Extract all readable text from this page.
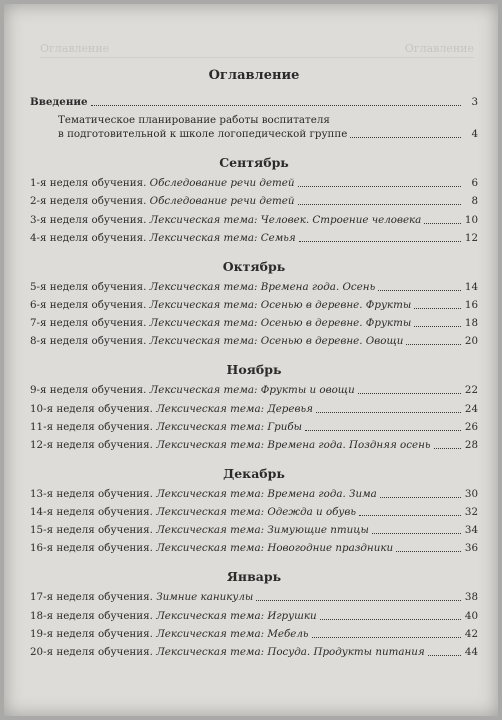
Оглавление	Оглавление
Оглавление
Введение	3
Тематическое планирование работы воспитателя
в подготовительной к школе логопедической группе	4
Сентябрь
1-я неделя обучения. Обследование речи детей	6
2-я неделя обучения. Обследование речи детей	8
3-я неделя обучения. Лексическая тема: Человек. Строение человека	10
4-я неделя обучения. Лексическая тема: Семья	12
Октябрь
5-я неделя обучения. Лексическая тема: Времена года. Осень	14
6-я неделя обучения. Лексическая тема: Осенью в деревне. Фрукты	16
7-я неделя обучения. Лексическая тема: Осенью в деревне. Фрукты	18
8-я неделя обучения. Лексическая тема: Осенью в деревне. Овощи	20
Ноябрь
9-я неделя обучения. Лексическая тема: Фрукты и овощи	22
10-я неделя обучения. Лексическая тема: Деревья	24
11-я неделя обучения. Лексическая тема: Грибы	26
12-я неделя обучения. Лексическая тема: Времена года. Поздняя осень	28
Декабрь
13-я неделя обучения. Лексическая тема: Времена года. Зима	30
14-я неделя обучения. Лексическая тема: Одежда и обувь	32
15-я неделя обучения. Лексическая тема: Зимующие птицы	34
16-я неделя обучения. Лексическая тема: Новогодние праздники	36
Январь
17-я неделя обучения. Зимние каникулы	38
18-я неделя обучения. Лексическая тема: Игрушки	40
19-я неделя обучения. Лексическая тема: Мебель	42
20-я неделя обучения. Лексическая тема: Посуда. Продукты питания	44
